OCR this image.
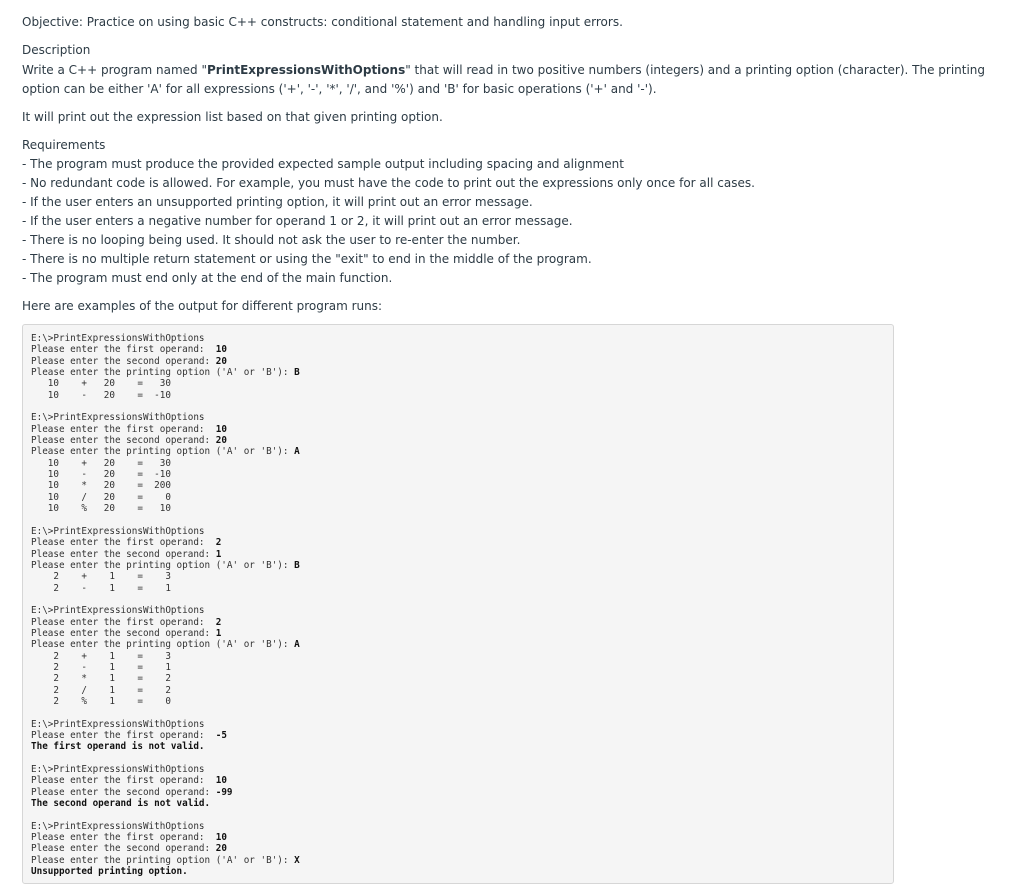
Objective: Practice on using basic C++ constructs: conditional statement and handling input errors.
Description
Write a C++ program named "PrintExpressionsWithOptions" that will read in two positive numbers (integers) and a printing option (character). The printing
option can be either 'A' for all expressions ('+', '-', '*', '/', and '%') and 'B' for basic operations ('+' and '-').
It will print out the expression list based on that given printing option.
Requirements
- The program must produce the provided expected sample output including spacing and alignment
- No redundant code is allowed. For example, you must have the code to print out the expressions only once for all cases.
- If the user enters an unsupported printing option, it will print out an error message.
- If the user enters a negative number for operand 1 or 2, it will print out an error message.
- There is no looping being used. It should not ask the user to re-enter the number.
- There is no multiple return statement or using the "exit" to end in the middle of the program.
- The program must end only at the end of the main function.
Here are examples of the output for different program runs:
E:\>PrintExpressionsWithOptions
Please enter the first operand:  10
Please enter the second operand: 20
Please enter the printing option ('A' or 'B'): B
10    +   20    =   30
10    -   20    =  -10
E:\>PrintExpressionsWithOptions
Please enter the first operand:  10
Please enter the second operand: 20
Please enter the printing option ('A' or 'B'): A
10    +   20    =   30
10    -   20    =  -10
10    *   20    =  200
10    /   20    =    0
10    %   20    =   10
E:\>PrintExpressionsWithOptions
Please enter the first operand:  2
Please enter the second operand: 1
Please enter the printing option ('A' or 'B'): B
2    +    1    =    3
2    -    1    =    1
E:\>PrintExpressionsWithOptions
Please enter the first operand:  2
Please enter the second operand: 1
Please enter the printing option ('A' or 'B'): A
2    +    1    =    3
2    -    1    =    1
2    *    1    =    2
2    /    1    =    2
2    %    1    =    0
E:\>PrintExpressionsWithOptions
Please enter the first operand:  -5
The first operand is not valid.
E:\>PrintExpressionsWithOptions
Please enter the first operand:  10
Please enter the second operand: -99
The second operand is not valid.
E:\>PrintExpressionsWithOptions
Please enter the first operand:  10
Please enter the second operand: 20
Please enter the printing option ('A' or 'B'): X
Unsupported printing option.
